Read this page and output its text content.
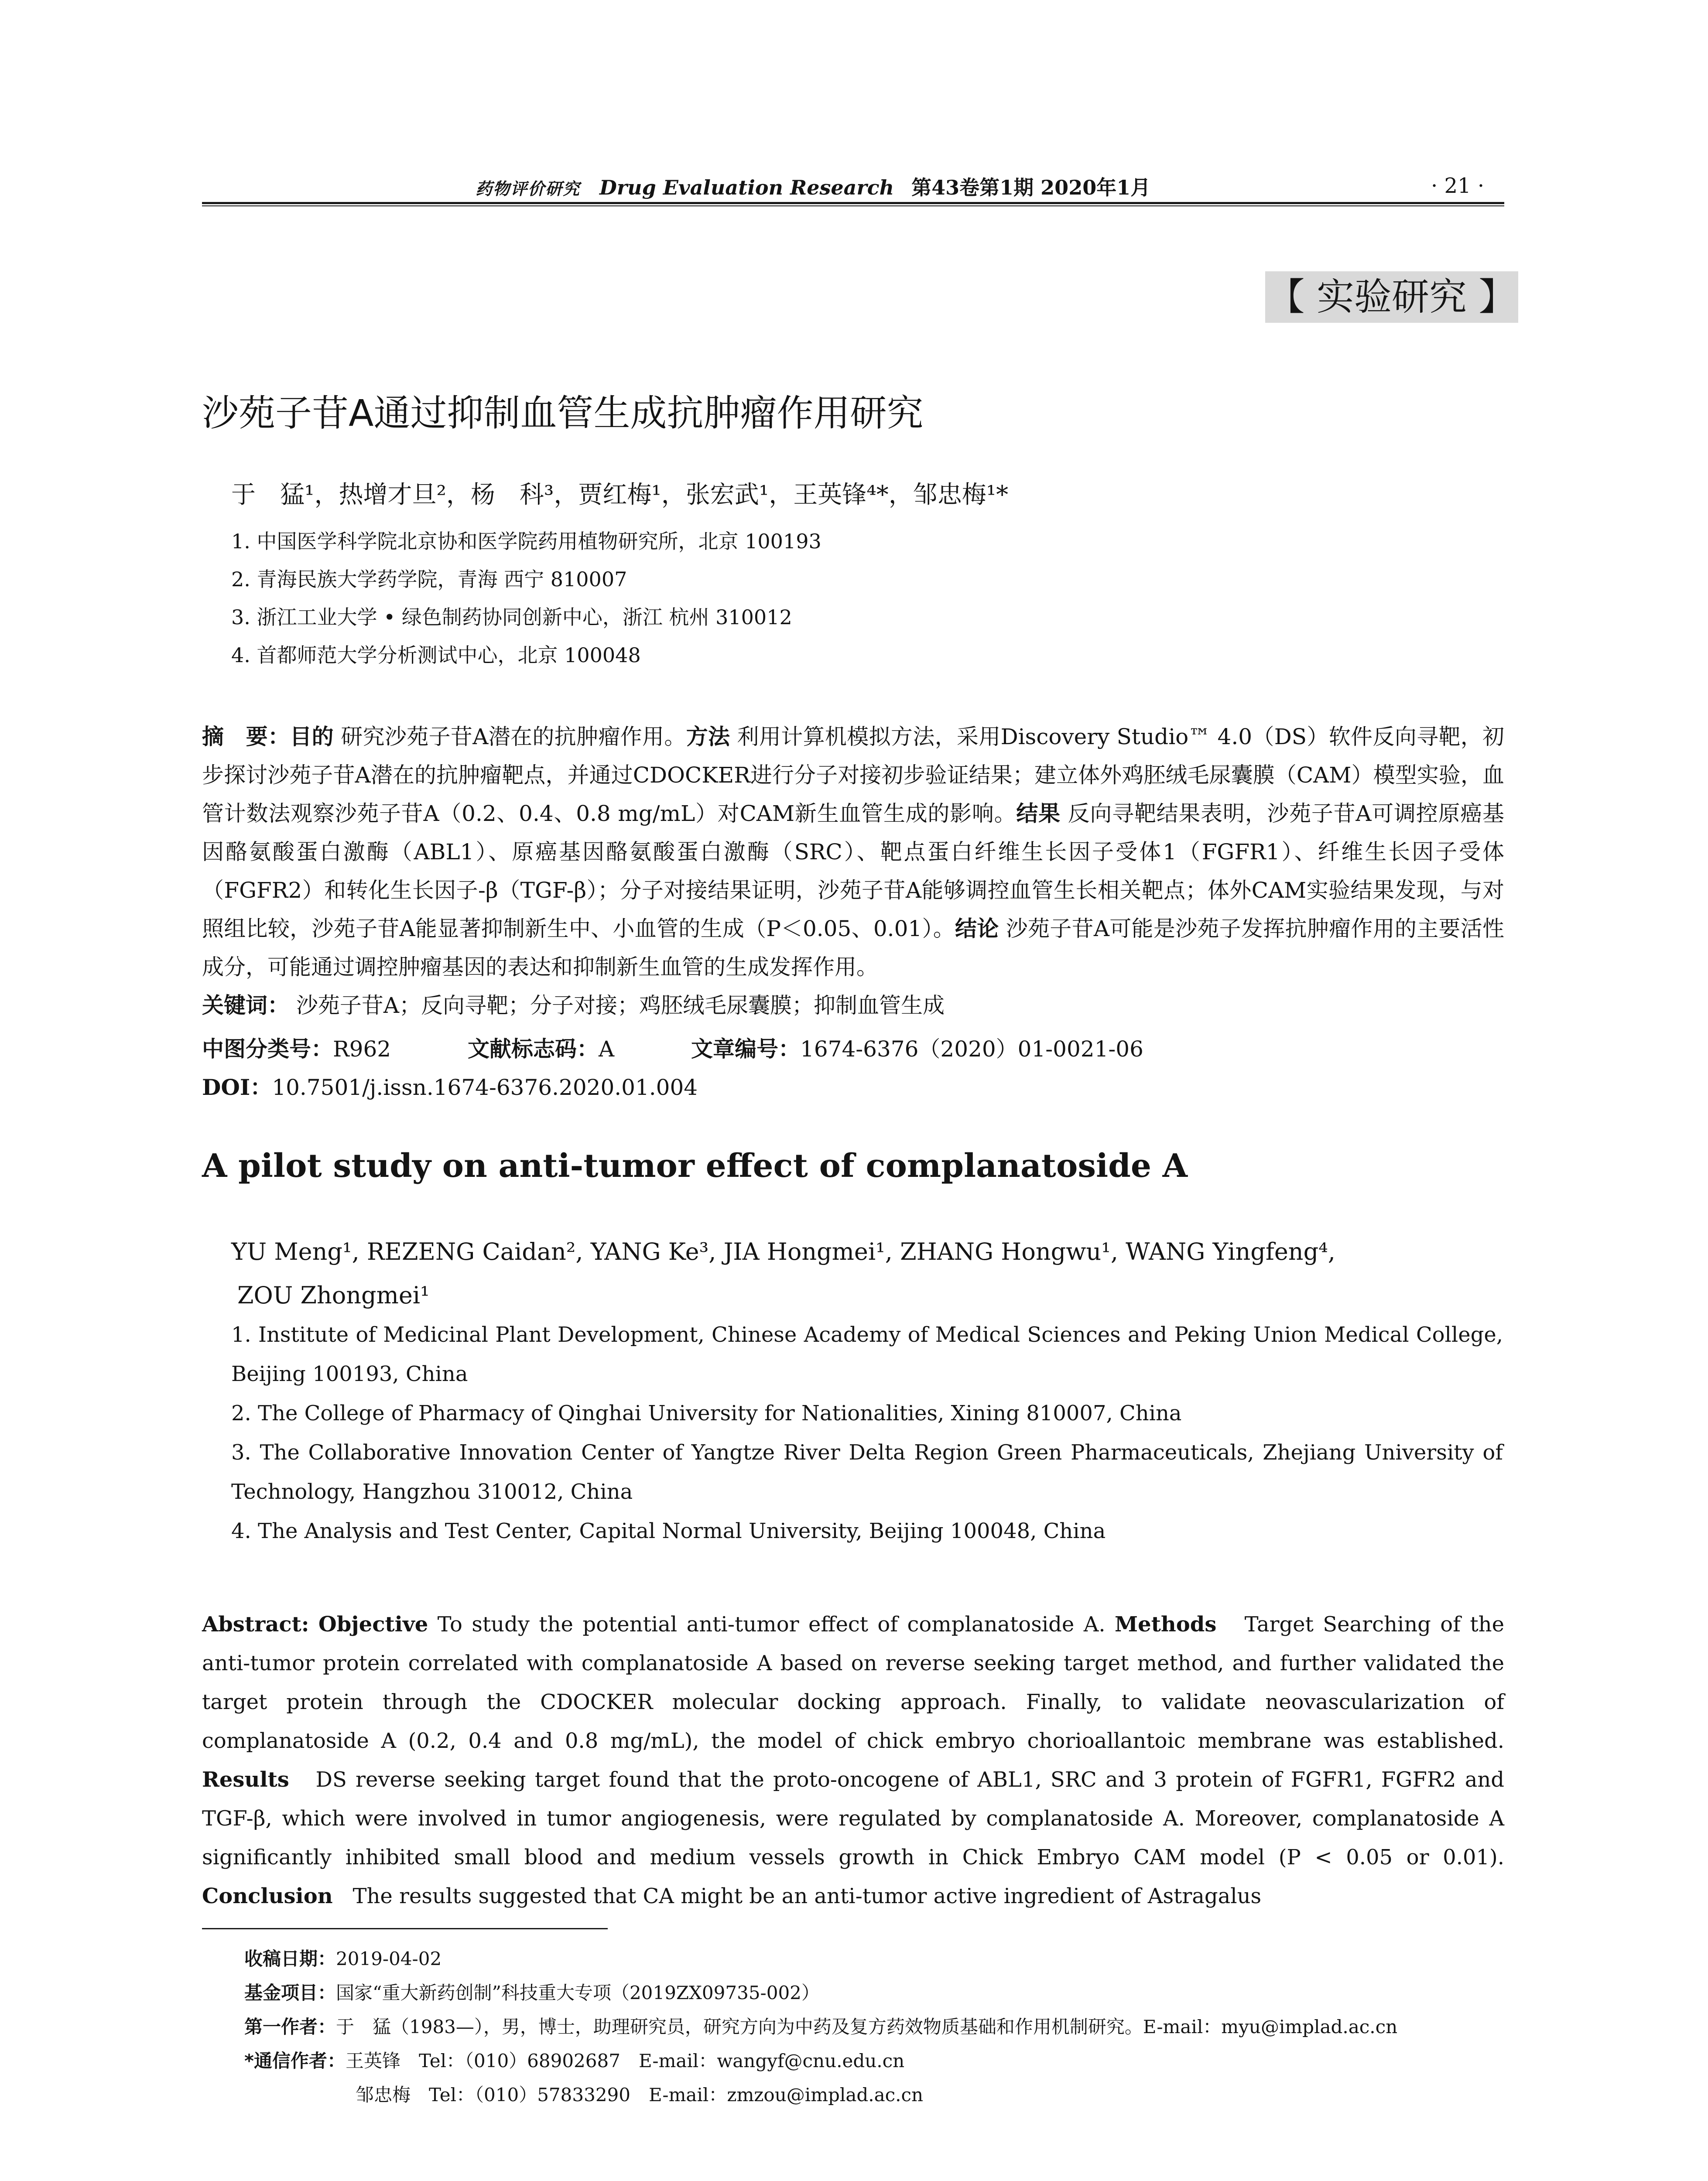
药物评价研究 Drug Evaluation Research 第43卷第1期 2020年1月	· 21 ·
【 实验研究 】
沙苑子苷A通过抑制血管生成抗肿瘤作用研究
于　猛¹，热增才旦²，杨　科³，贾红梅¹，张宏武¹，王英锋⁴*，邹忠梅¹*
1. 中国医学科学院北京协和医学院药用植物研究所，北京 100193
2. 青海民族大学药学院，青海 西宁 810007
3. 浙江工业大学 • 绿色制药协同创新中心，浙江 杭州 310012
4. 首都师范大学分析测试中心，北京 100048
摘　要：目的 研究沙苑子苷A潜在的抗肿瘤作用。方法 利用计算机模拟方法，采用Discovery Studio™ 4.0（DS）软件反向寻靶，初步探讨沙苑子苷A潜在的抗肿瘤靶点，并通过CDOCKER进行分子对接初步验证结果；建立体外鸡胚绒毛尿囊膜（CAM）模型实验，血管计数法观察沙苑子苷A（0.2、0.4、0.8 mg/mL）对CAM新生血管生成的影响。结果 反向寻靶结果表明，沙苑子苷A可调控原癌基因酪氨酸蛋白激酶（ABL1）、原癌基因酪氨酸蛋白激酶（SRC）、靶点蛋白纤维生长因子受体1（FGFR1）、纤维生长因子受体（FGFR2）和转化生长因子-β（TGF-β）；分子对接结果证明，沙苑子苷A能够调控血管生长相关靶点；体外CAM实验结果发现，与对照组比较，沙苑子苷A能显著抑制新生中、小血管的生成（P＜0.05、0.01）。结论 沙苑子苷A可能是沙苑子发挥抗肿瘤作用的主要活性成分，可能通过调控肿瘤基因的表达和抑制新生血管的生成发挥作用。
关键词： 沙苑子苷A；反向寻靶；分子对接；鸡胚绒毛尿囊膜；抑制血管生成
中图分类号：R962	文献标志码：A	文章编号：1674-6376（2020）01-0021-06
DOI：10.7501/j.issn.1674-6376.2020.01.004
A pilot study on anti-tumor effect of complanatoside A
YU Meng¹, REZENG Caidan², YANG Ke³, JIA Hongmei¹, ZHANG Hongwu¹, WANG Yingfeng⁴,
ZOU Zhongmei¹
1. Institute of Medicinal Plant Development, Chinese Academy of Medical Sciences and Peking Union Medical College, Beijing 100193, China
2. The College of Pharmacy of Qinghai University for Nationalities, Xining 810007, China
3. The Collaborative Innovation Center of Yangtze River Delta Region Green Pharmaceuticals, Zhejiang University of Technology, Hangzhou 310012, China
4. The Analysis and Test Center, Capital Normal University, Beijing 100048, China
Abstract: Objective To study the potential anti-tumor effect of complanatoside A. Methods Target Searching of the anti-tumor protein correlated with complanatoside A based on reverse seeking target method, and further validated the target protein through the CDOCKER molecular docking approach. Finally, to validate neovascularization of complanatoside A (0.2, 0.4 and 0.8 mg/mL), the model of chick embryo chorioallantoic membrane was established. Results DS reverse seeking target found that the proto-oncogene of ABL1, SRC and 3 protein of FGFR1, FGFR2 and TGF-β, which were involved in tumor angiogenesis, were regulated by complanatoside A. Moreover, complanatoside A significantly inhibited small blood and medium vessels growth in Chick Embryo CAM model (P < 0.05 or 0.01). Conclusion The results suggested that CA might be an anti-tumor active ingredient of Astragalus
收稿日期：2019-04-02
基金项目：国家“重大新药创制”科技重大专项（2019ZX09735-002）
第一作者：于　猛（1983—），男，博士，助理研究员，研究方向为中药及复方药效物质基础和作用机制研究。E-mail：myu@implad.ac.cn
*通信作者：王英锋　Tel：（010）68902687　E-mail：wangyf@cnu.edu.cn
邹忠梅　Tel：（010）57833290　E-mail：zmzou@implad.ac.cn
